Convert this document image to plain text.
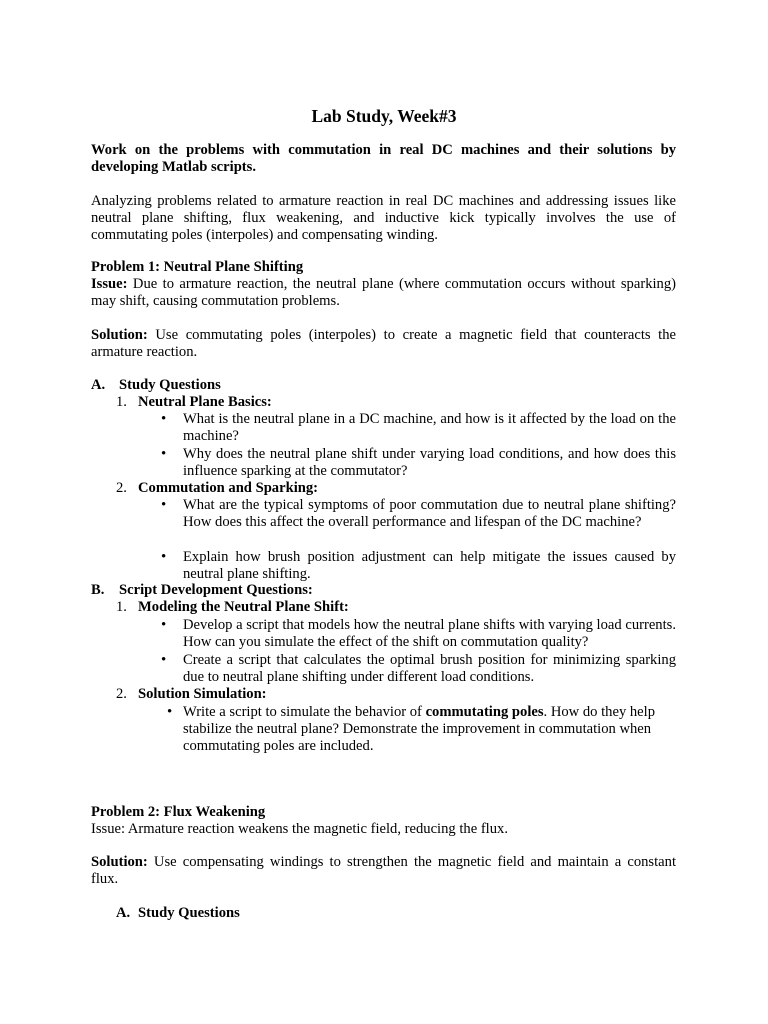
Lab Study, Week#3

Work on the problems with commutation in real DC machines and their solutions by developing Matlab scripts.

Analyzing problems related to armature reaction in real DC machines and addressing issues like neutral plane shifting, flux weakening, and inductive kick typically involves the use of commutating poles (interpoles) and compensating winding.

Problem 1: Neutral Plane Shifting

Issue: Due to armature reaction, the neutral plane (where commutation occurs without sparking) may shift, causing commutation problems.

Solution: Use commutating poles (interpoles) to create a magnetic field that counteracts the armature reaction.

A. Study Questions
1. Neutral Plane Basics:

• What is the neutral plane in a DC machine, and how is it affected by the load on the machine?

• Why does the neutral plane shift under varying load conditions, and how does this influence sparking at the commutator?

2. Commutation and Sparking:

• What are the typical symptoms of poor commutation due to neutral plane shifting? How does this affect the overall performance and lifespan of the DC machine?

• Explain how brush position adjustment can help mitigate the issues caused by neutral plane shifting.

B. Script Development Questions:
1. Modeling the Neutral Plane Shift:

• Develop a script that models how the neutral plane shifts with varying load currents. How can you simulate the effect of the shift on commutation quality?

• Create a script that calculates the optimal brush position for minimizing sparking due to neutral plane shifting under different load conditions.

2. Solution Simulation:

• Write a script to simulate the behavior of commutating poles. How do they help stabilize the neutral plane? Demonstrate the improvement in commutation when commutating poles are included.

Problem 2: Flux Weakening

Issue: Armature reaction weakens the magnetic field, reducing the flux.

Solution: Use compensating windings to strengthen the magnetic field and maintain a constant flux.

A. Study Questions
